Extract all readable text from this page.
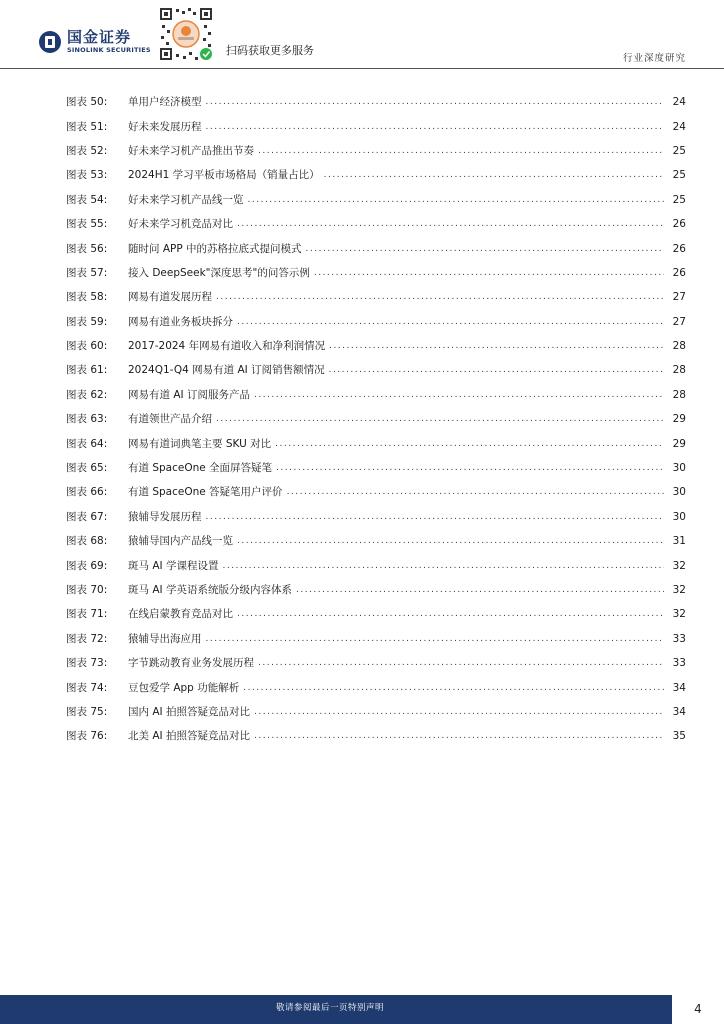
国金证券
SINOLINK SECURITIES	扫码获取更多服务
行业深度研究
图表 50:	单用户经济模型 .....	24
图表 51:	好未来发展历程 .....	24
图表 52:	好未来学习机产品推出节奏 .....	25
图表 53:	2024H1 学习平板市场格局（销量占比） .....	25
图表 54:	好未来学习机产品线一览 .....	25
图表 55:	好未来学习机竞品对比 .....	26
图表 56:	随时问 APP 中的苏格拉底式提问模式 .....	26
图表 57:	接入 DeepSeek"深度思考"的问答示例 .....	26
图表 58:	网易有道发展历程 .....	27
图表 59:	网易有道业务板块拆分 .....	27
图表 60:	2017-2024 年网易有道收入和净利润情况 .....	28
图表 61:	2024Q1-Q4 网易有道 AI 订阅销售额情况 .....	28
图表 62:	网易有道 AI 订阅服务产品 .....	28
图表 63:	有道领世产品介绍 .....	29
图表 64:	网易有道词典笔主要 SKU 对比 .....	29
图表 65:	有道 SpaceOne 全面屏答疑笔 .....	30
图表 66:	有道 SpaceOne 答疑笔用户评价 .....	30
图表 67:	猿辅导发展历程 .....	30
图表 68:	猿辅导国内产品线一览 .....	31
图表 69:	斑马 AI 学课程设置 .....	32
图表 70:	斑马 AI 学英语系统版分级内容体系 .....	32
图表 71:	在线启蒙教育竞品对比 .....	32
图表 72:	猿辅导出海应用 .....	33
图表 73:	字节跳动教育业务发展历程 .....	33
图表 74:	豆包爱学 App 功能解析 .....	34
图表 75:	国内 AI 拍照答疑竞品对比 .....	34
图表 76:	北美 AI 拍照答疑竞品对比 .....	35
敬请参阅最后一页特别声明	4
